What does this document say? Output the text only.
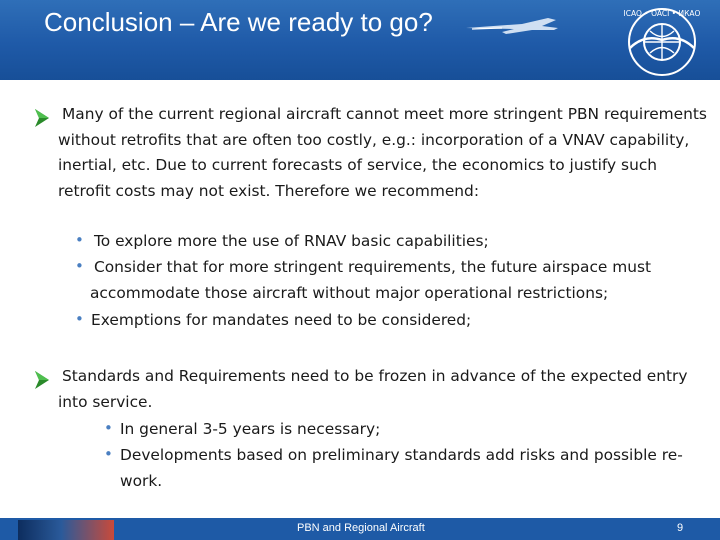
Conclusion – Are we ready to go?	ICAO • OACI • ИКАО
Many of the current regional aircraft cannot meet more stringent PBN requirements without retrofits that are often too costly, e.g.: incorporation of a VNAV capability, inertial, etc. Due to current forecasts of service, the economics to justify such retrofit costs may not exist. Therefore we recommend:
• To explore more the use of RNAV basic capabilities;
• Consider that for more stringent requirements, the future airspace must accommodate those aircraft without major operational restrictions;
• Exemptions for mandates need to be considered;
Standards and Requirements need to be frozen in advance of the expected entry into service.
• In general 3-5 years is necessary;
• Developments based on preliminary standards add risks and possible re-work.
PBN and Regional Aircraft	9
